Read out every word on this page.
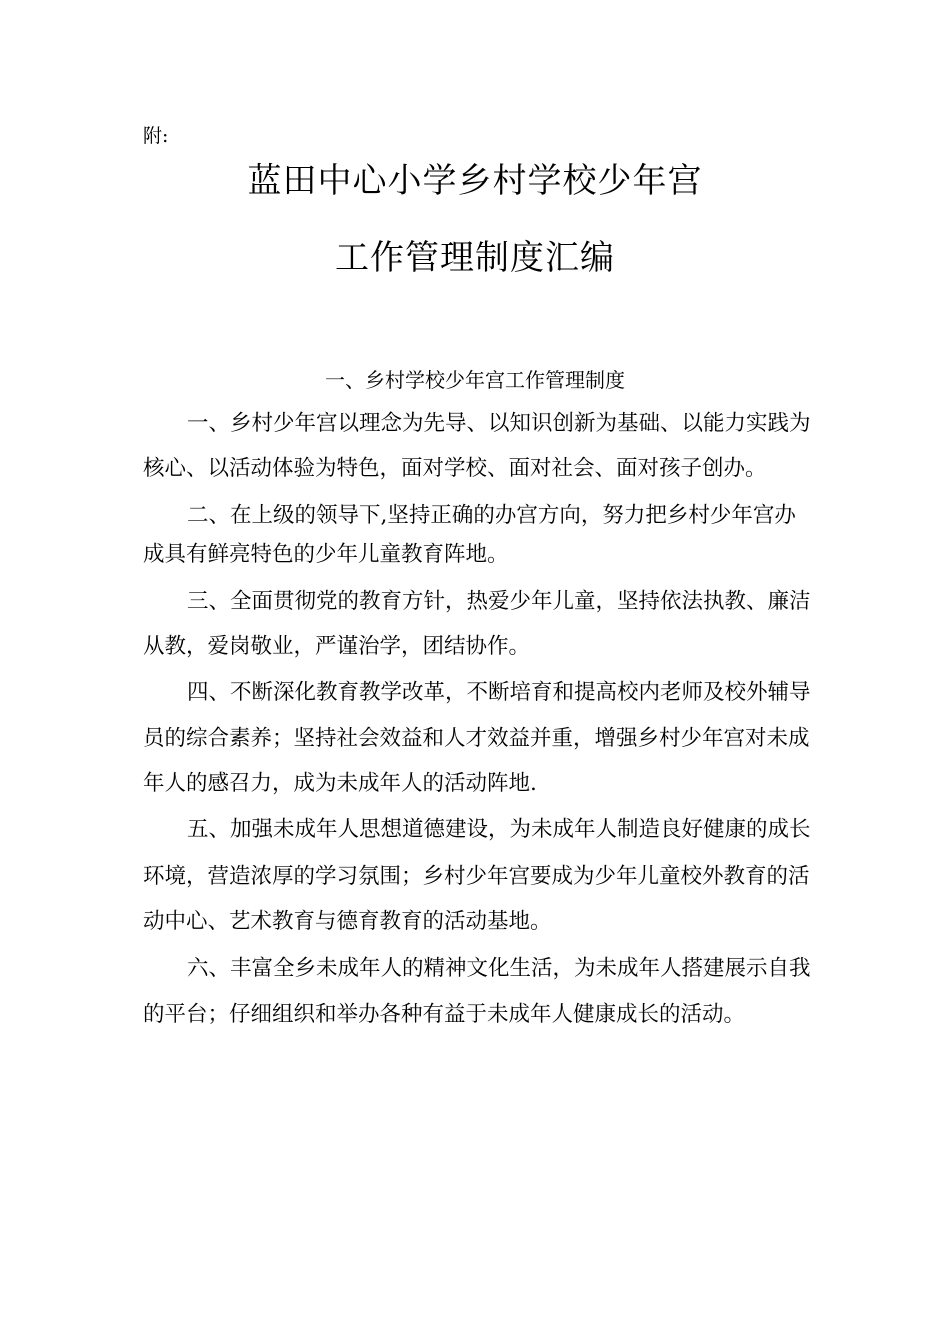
附:
蓝田中心小学乡村学校少年宫
工作管理制度汇编
一、乡村学校少年宫工作管理制度
一、乡村少年宫以理念为先导、以知识创新为基础、以能力实践为
核心、以活动体验为特色，面对学校、面对社会、面对孩子创办。
二、在上级的领导下,坚持正确的办宫方向，努力把乡村少年宫办
成具有鲜亮特色的少年儿童教育阵地。
三、全面贯彻党的教育方针，热爱少年儿童，坚持依法执教、廉洁
从教，爱岗敬业，严谨治学，团结协作。
四、不断深化教育教学改革，不断培育和提高校内老师及校外辅导
员的综合素养；坚持社会效益和人才效益并重，增强乡村少年宫对未成
年人的感召力，成为未成年人的活动阵地.
五、加强未成年人思想道德建设，为未成年人制造良好健康的成长
环境，营造浓厚的学习氛围；乡村少年宫要成为少年儿童校外教育的活
动中心、艺术教育与德育教育的活动基地。
六、丰富全乡未成年人的精神文化生活，为未成年人搭建展示自我
的平台；仔细组织和举办各种有益于未成年人健康成长的活动。
